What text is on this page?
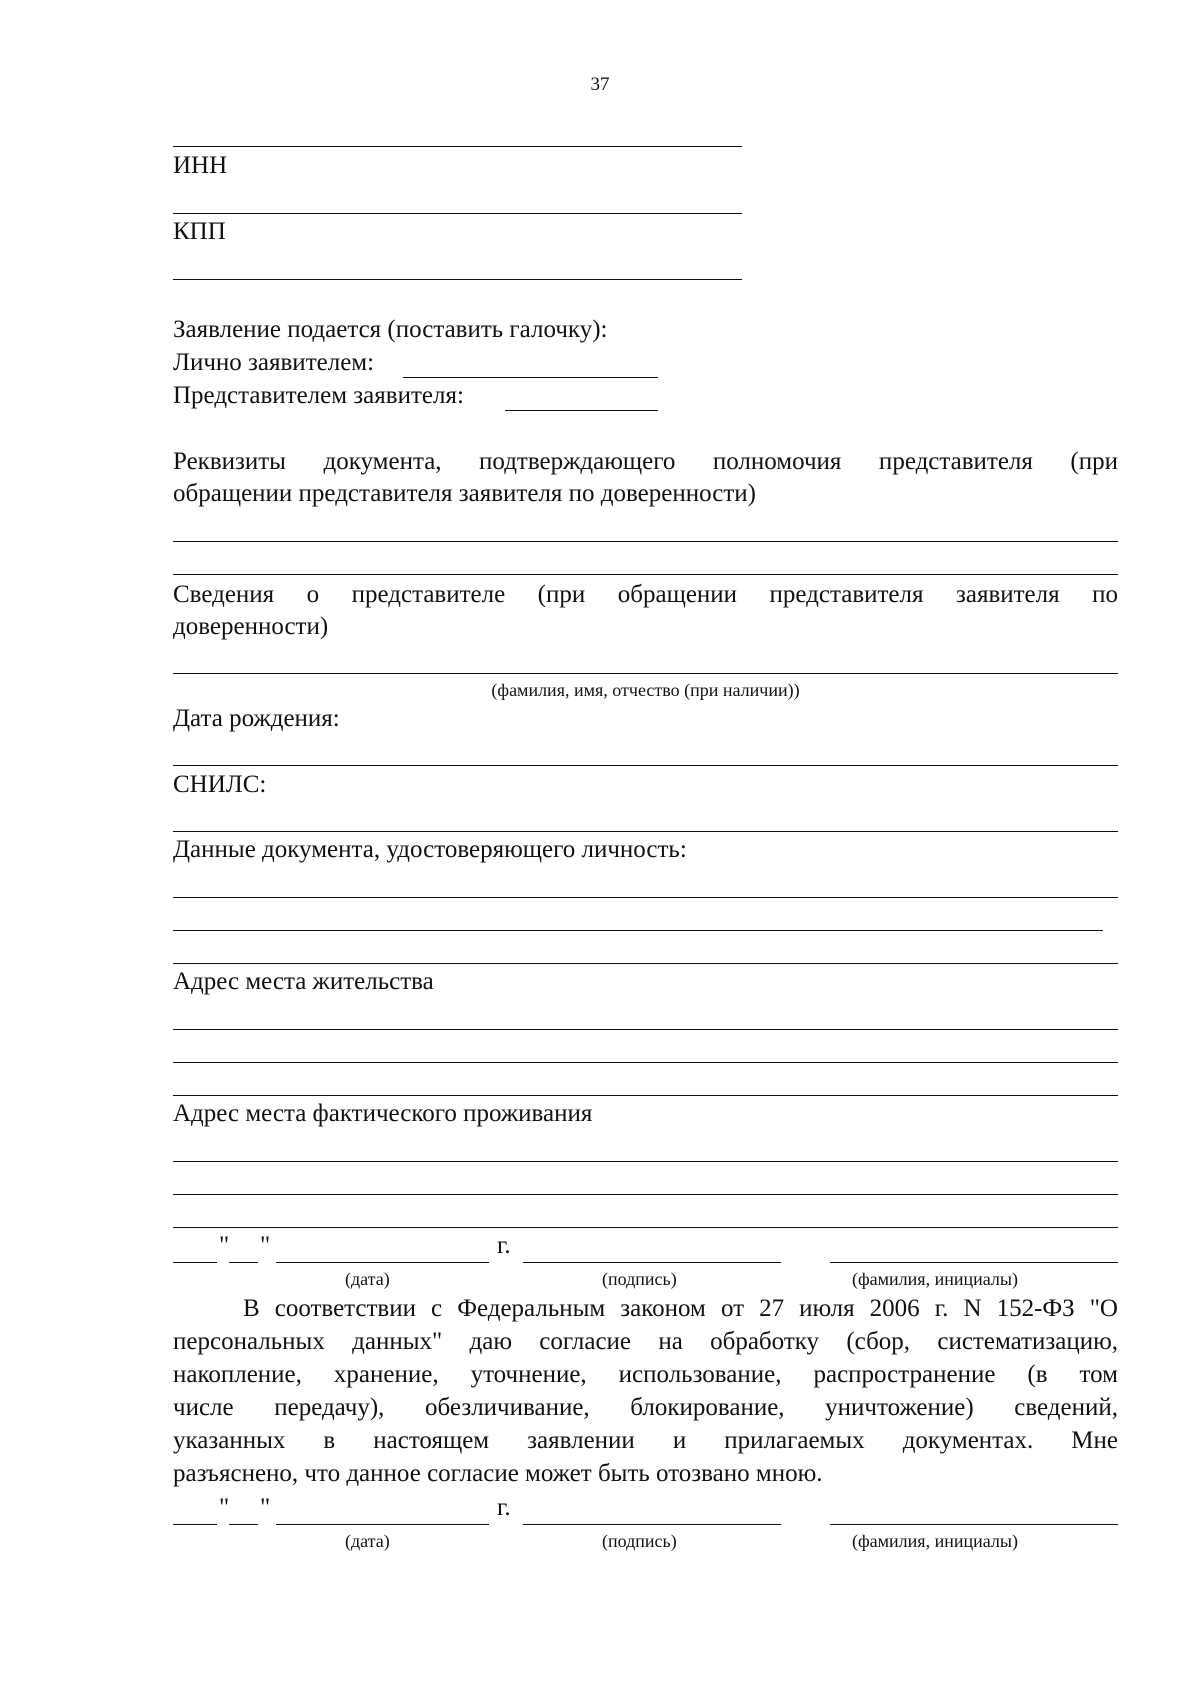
37
ИНН
КПП
Заявление подается (поставить галочку):
Лично заявителем:
Представителем заявителя:
Реквизиты документа, подтверждающего полномочия представителя (при
обращении представителя заявителя по доверенности)
Сведения о представителе (при обращении представителя заявителя по
доверенности)
(фамилия, имя, отчество (при наличии))
Дата рождения:
СНИЛС:
Данные документа, удостоверяющего личность:
Адрес места жительства
Адрес места фактического проживания
" "	г.
(дата)	(подпись)	(фамилия, инициалы)
В соответствии с Федеральным законом от 27 июля 2006 г. N 152-ФЗ "О
персональных данных" даю согласие на обработку (сбор, систематизацию,
накопление, хранение, уточнение, использование, распространение (в том
числе передачу), обезличивание, блокирование, уничтожение) сведений,
указанных в настоящем заявлении и прилагаемых документах. Мне
разъяснено, что данное согласие может быть отозвано мною.
" "	г.
(дата)	(подпись)	(фамилия, инициалы)
